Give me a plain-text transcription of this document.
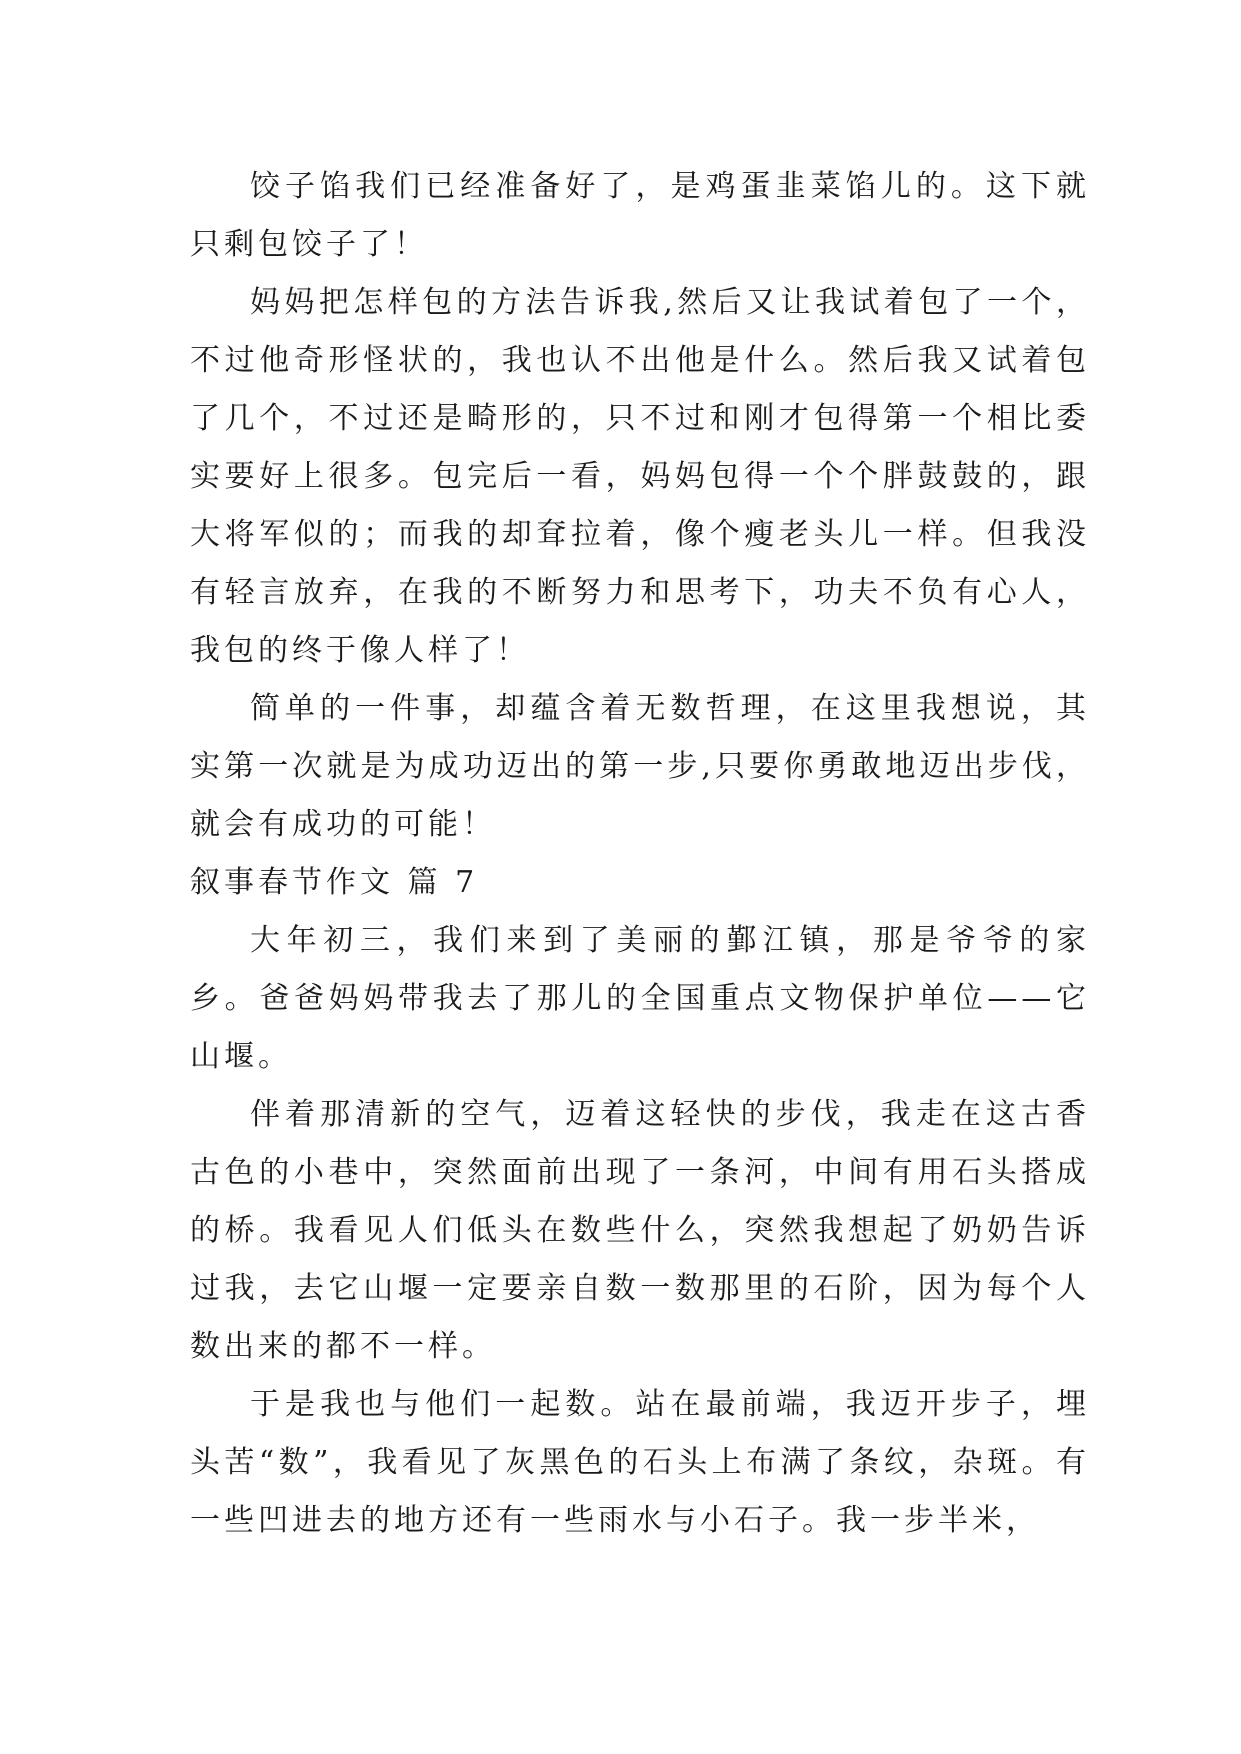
饺子馅我们已经准备好了，是鸡蛋韭菜馅儿的。这下就只剩包饺子了！

妈妈把怎样包的方法告诉我,然后又让我试着包了一个，不过他奇形怪状的，我也认不出他是什么。然后我又试着包了几个，不过还是畸形的，只不过和刚才包得第一个相比委实要好上很多。包完后一看，妈妈包得一个个胖鼓鼓的，跟大将军似的；而我的却耷拉着，像个瘦老头儿一样。但我没有轻言放弃，在我的不断努力和思考下，功夫不负有心人，我包的终于像人样了！

简单的一件事，却蕴含着无数哲理，在这里我想说，其实第一次就是为成功迈出的第一步,只要你勇敢地迈出步伐，就会有成功的可能！

叙事春节作文 篇 7

大年初三，我们来到了美丽的鄞江镇，那是爷爷的家乡。爸爸妈妈带我去了那儿的全国重点文物保护单位——它山堰。

伴着那清新的空气，迈着这轻快的步伐，我走在这古香古色的小巷中，突然面前出现了一条河，中间有用石头搭成的桥。我看见人们低头在数些什么，突然我想起了奶奶告诉过我，去它山堰一定要亲自数一数那里的石阶，因为每个人数出来的都不一样。

于是我也与他们一起数。站在最前端，我迈开步子，埋头苦“数”，我看见了灰黑色的石头上布满了条纹，杂斑。有一些凹进去的地方还有一些雨水与小石子。我一步半米，
